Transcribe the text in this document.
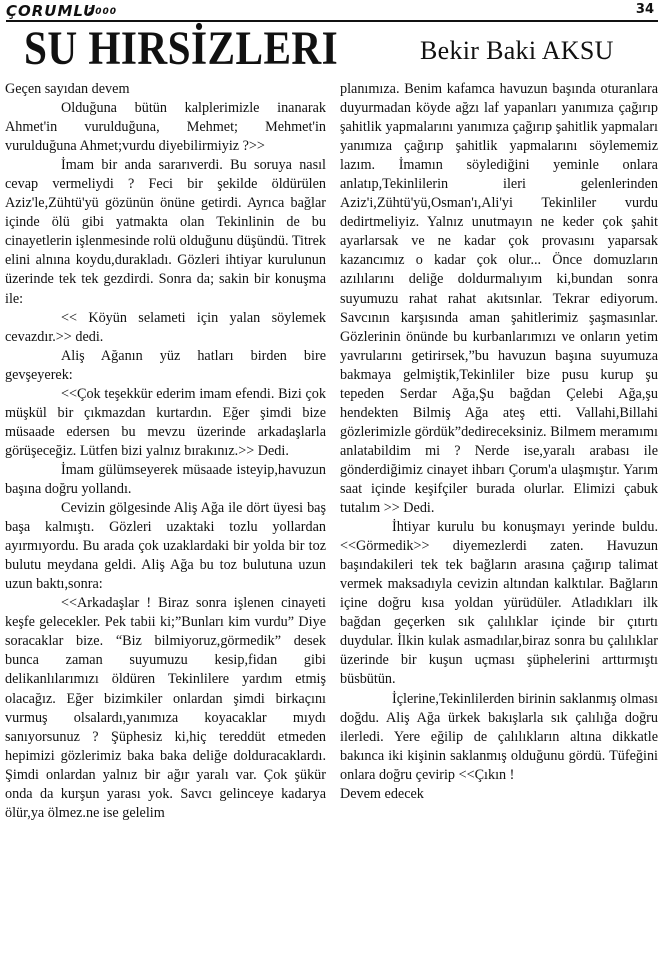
ÇORUMLU
2000	34
SU HIRSİZLERI	Bekir Baki AKSU

Geçen sayıdan devem

Olduğuna bütün kalplerimizle inanarak Ahmet'in vurulduğuna, Mehmet; Mehmet'in vurulduğuna Ahmet;vurdu diyebilirmiyiz ?>>

İmam bir anda sararıverdi. Bu soruya nasıl cevap vermeliydi ? Feci bir şekilde öldürülen Aziz'le,Zühtü'yü gözünün önüne getirdi. Ayrıca bağlar içinde ölü gibi yatmakta olan Tekinlinin de bu cinayetlerin işlenmesinde rolü olduğunu düşündü. Titrek elini alnına koydu,durakladı. Gözleri ihtiyar kurulunun üzerinde tek tek gezdirdi. Sonra da; sakin bir konuşma ile:

<< Köyün selameti için yalan söylemek cevazdır.>> dedi.

Aliş Ağanın yüz hatları birden bire gevşeyerek:

<<Çok teşekkür ederim imam efendi. Bizi çok müşkül bir çıkmazdan kurtardın. Eğer şimdi bize müsaade edersen bu mevzu üzerinde arkadaşlarla görüşeceğiz. Lütfen bizi yalnız bırakınız.>> Dedi.

İmam gülümseyerek müsaade isteyip,havuzun başına doğru yollandı.

Cevizin gölgesinde Aliş Ağa ile dört üyesi baş başa kalmıştı. Gözleri uzaktaki tozlu yollardan ayırmıyordu. Bu arada çok uzaklardaki bir yolda bir toz bulutu meydana geldi. Aliş Ağa bu toz bulutuna uzun uzun baktı,sonra:

<<Arkadaşlar ! Biraz sonra işlenen cinayeti keşfe gelecekler. Pek tabii ki;”Bunları kim vurdu” Diye soracaklar bize. “Biz bilmiyoruz,görmedik” desek bunca zaman suyumuzu kesip,fidan gibi delikanlılarımızı öldüren Tekinlilere yardım etmiş olacağız. Eğer bizimkiler onlardan şimdi birkaçını vurmuş olsalardı,yanımıza koyacaklar mıydı sanıyorsunuz ? Şüphesiz ki,hiç tereddüt etmeden hepimizi gözlerimiz baka baka deliğe dolduracaklardı. Şimdi onlardan yalnız bir ağır yaralı var. Çok şükür onda da kurşun yarası yok. Savcı gelinceye kadarya ölür,ya ölmez.ne ise gelelim

planımıza. Benim kafamca havuzun başında oturanlara duyurmadan köyde ağzı laf yapanları yanımıza çağırıp şahitlik yapmalarını yanımıza çağırıp şahitlik yapmaları yanımıza çağırıp şahitlik yapmalarını söylememiz lazım. İmamın söylediğini yeminle onlara anlatıp,Tekinlilerin ileri gelenlerinden Aziz'i,Zühtü'yü,Osman'ı,Ali'yi Tekinliler vurdu dedirtmeliyiz. Yalnız unutmayın ne keder çok şahit ayarlarsak ve ne kadar çok provasını yaparsak kazancımız o kadar çok olur... Önce domuzların azılılarını deliğe doldurmalıyım ki,bundan sonra suyumuzu rahat rahat akıtsınlar. Tekrar ediyorum. Savcının karşısında aman şahitlerimiz şaşmasınlar. Gözlerinin önünde bu kurbanlarımızı ve onların yetim yavrularını getirirsek,”bu havuzun başına suyumuza bakmaya gelmiştik,Tekinliler bize pusu kurup şu tepeden Serdar Ağa,Şu bağdan Çelebi Ağa,şu hendekten Bilmiş Ağa ateş etti. Vallahi,Billahi gözlerimizle gördük”dedireceksiniz. Bilmem meramımı anlatabildim mi ? Nerde ise,yaralı arabası ile gönderdiğimiz cinayet ihbarı Çorum'a ulaşmıştır. Yarım saat içinde keşifçiler burada olurlar. Elimizi çabuk tutalım >> Dedi.

İhtiyar kurulu bu konuşmayı yerinde buldu. <<Görmedik>> diyemezlerdi zaten. Havuzun başındakileri tek tek bağların arasına çağırıp talimat vermek maksadıyla cevizin altından kalktılar. Bağların içine doğru kısa yoldan yürüdüler. Atladıkları ilk bağdan geçerken sık çalılıklar içinde bir çıtırtı duydular. İlkin kulak asmadılar,biraz sonra bu çalılıklar üzerinde bir kuşun uçması şüphelerini arttırmıştı büsbütün.

İçlerine,Tekinlilerden birinin saklanmış olması doğdu. Aliş Ağa ürkek bakışlarla sık çalılığa doğru ilerledi. Yere eğilip de çalılıkların altına dikkatle bakınca iki kişinin saklanmış olduğunu gördü. Tüfeğini onlara doğru çevirip <<Çıkın !

Devem edecek
